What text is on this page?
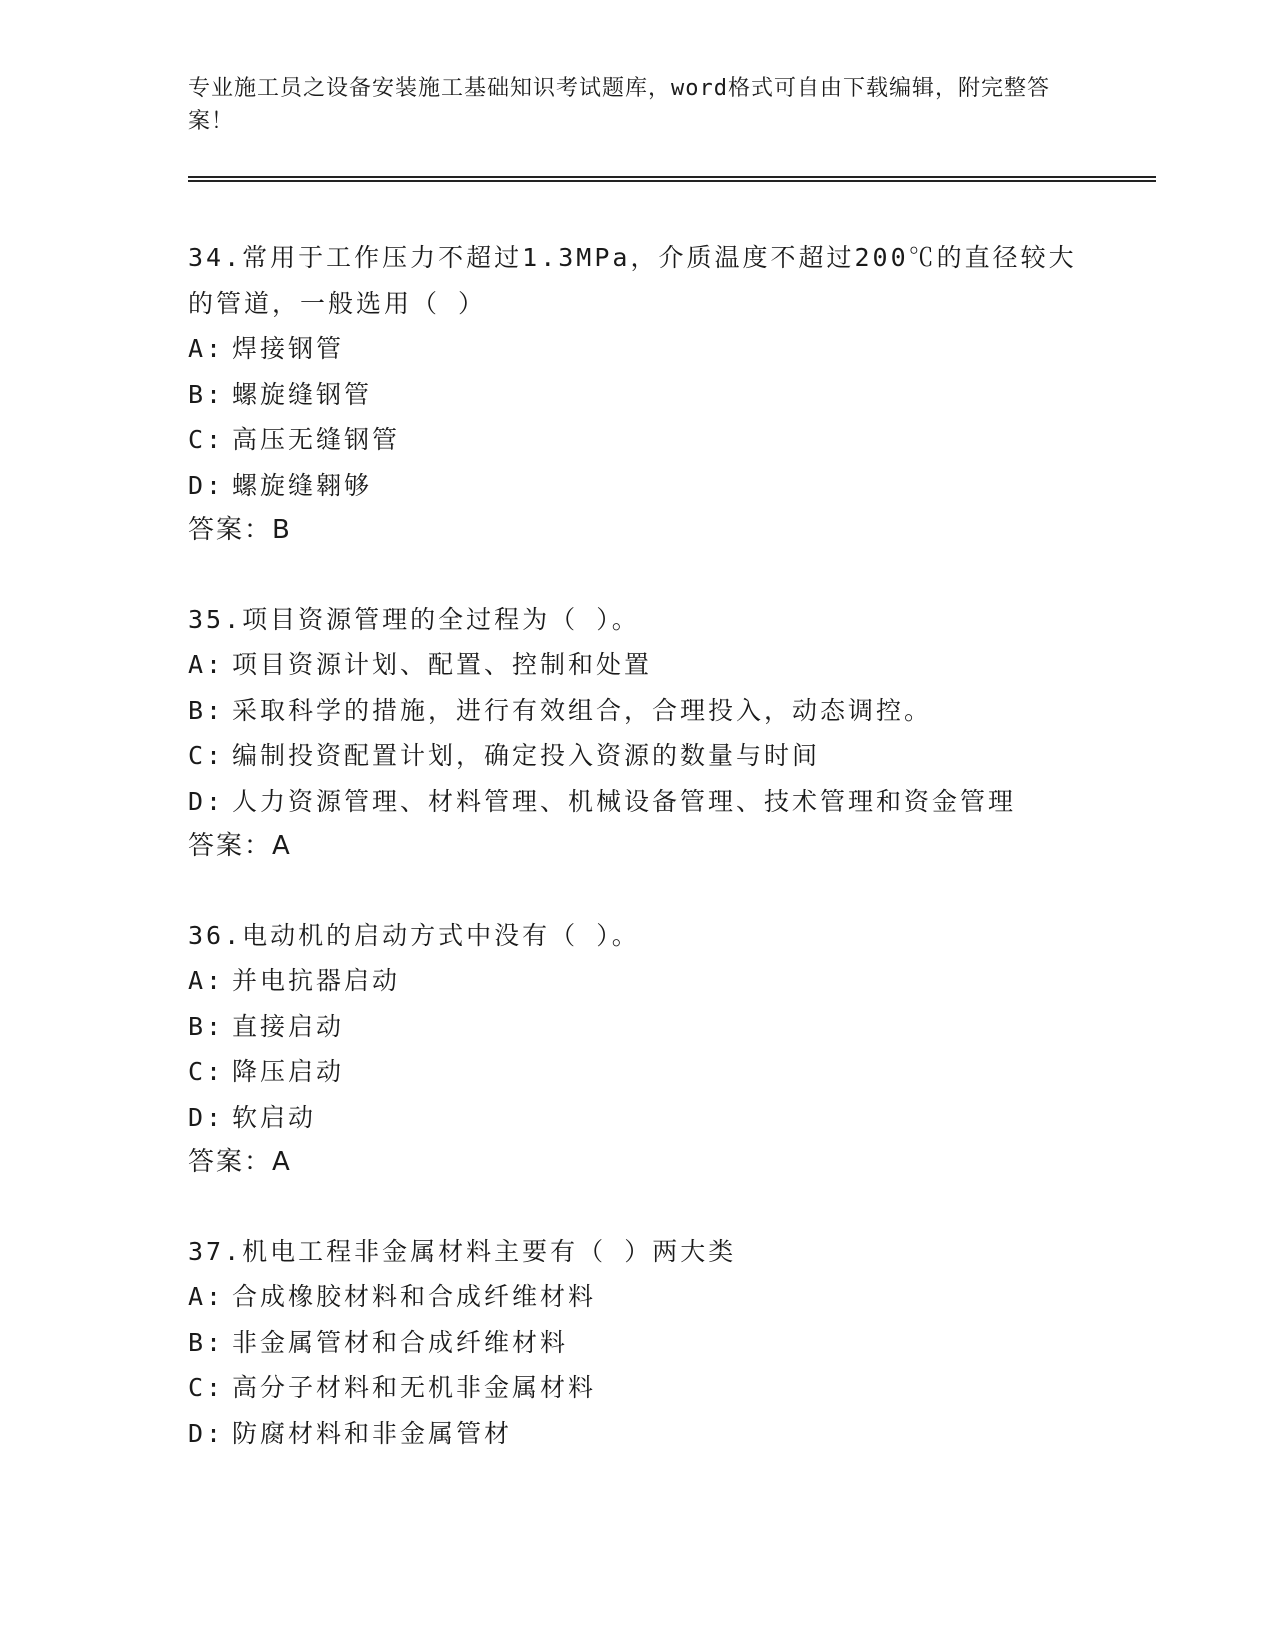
专业施工员之设备安装施工基础知识考试题库，word格式可自由下载编辑，附完整答案！
34.常用于工作压力不超过1.3MPa，介质温度不超过200℃的直径较大的管道，一般选用（ ）
A: 焊接钢管
B: 螺旋缝钢管
C: 高压无缝钢管
D: 螺旋缝翱够
答案：B
35.项目资源管理的全过程为（ ）。
A: 项目资源计划、配置、控制和处置
B: 采取科学的措施，进行有效组合，合理投入，动态调控。
C: 编制投资配置计划，确定投入资源的数量与时间
D: 人力资源管理、材料管理、机械设备管理、技术管理和资金管理
答案：A
36.电动机的启动方式中没有（ ）。
A: 并电抗器启动
B: 直接启动
C: 降压启动
D: 软启动
答案：A
37.机电工程非金属材料主要有（ ）两大类
A: 合成橡胶材料和合成纤维材料
B: 非金属管材和合成纤维材料
C: 高分子材料和无机非金属材料
D: 防腐材料和非金属管材
